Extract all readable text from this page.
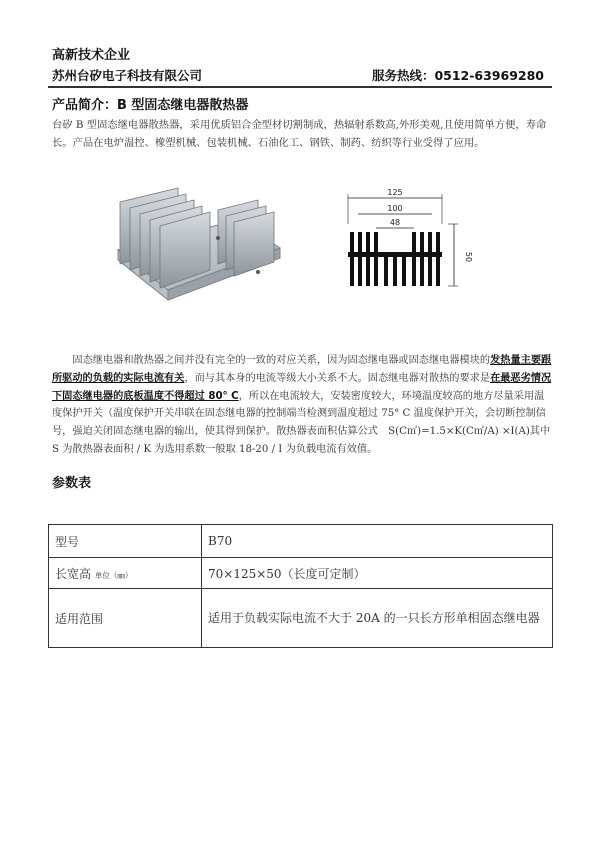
高新技术企业
苏州台矽电子科技有限公司	服务热线：0512-63969280
产品简介：B 型固态继电器散热器
台矽 B 型固态继电器散热器，采用优质铝合金型材切割制成，热辐射系数高,外形美观,且使用简单方便，寿命长。产品在电炉温控、橡塑机械、包装机械、石油化工、钢铁、制药、纺织等行业受得了应用。
125
100
48
50
固态继电器和散热器之间并没有完全的一致的对应关系，因为固态继电器或固态继电器模块的发热量主要跟所驱动的负载的实际电流有关，而与其本身的电流等级大小关系不大。固态继电器对散热的要求是在最恶劣情况下固态继电器的底板温度不得超过 80° C，所以在电流较大，安装密度较大，环境温度较高的地方尽量采用温度保护开关（温度保护开关串联在固态继电器的控制端当检测到温度超过 75° C 温度保护开关，会切断控制信号，强迫关闭固态继电器的输出，使其得到保护。散热器表面积估算公式　S(C㎡)=1.5×K(C㎡/A) ×I(A)其中 S 为散热器表面积 / K 为选用系数一般取 18-20 / I 为负载电流有效值。
参数表
型号	B70
长宽高 单位（㎜）	70×125×50（长度可定制）
适用范围	适用于负载实际电流不大于 20A 的一只长方形单相固态继电器
